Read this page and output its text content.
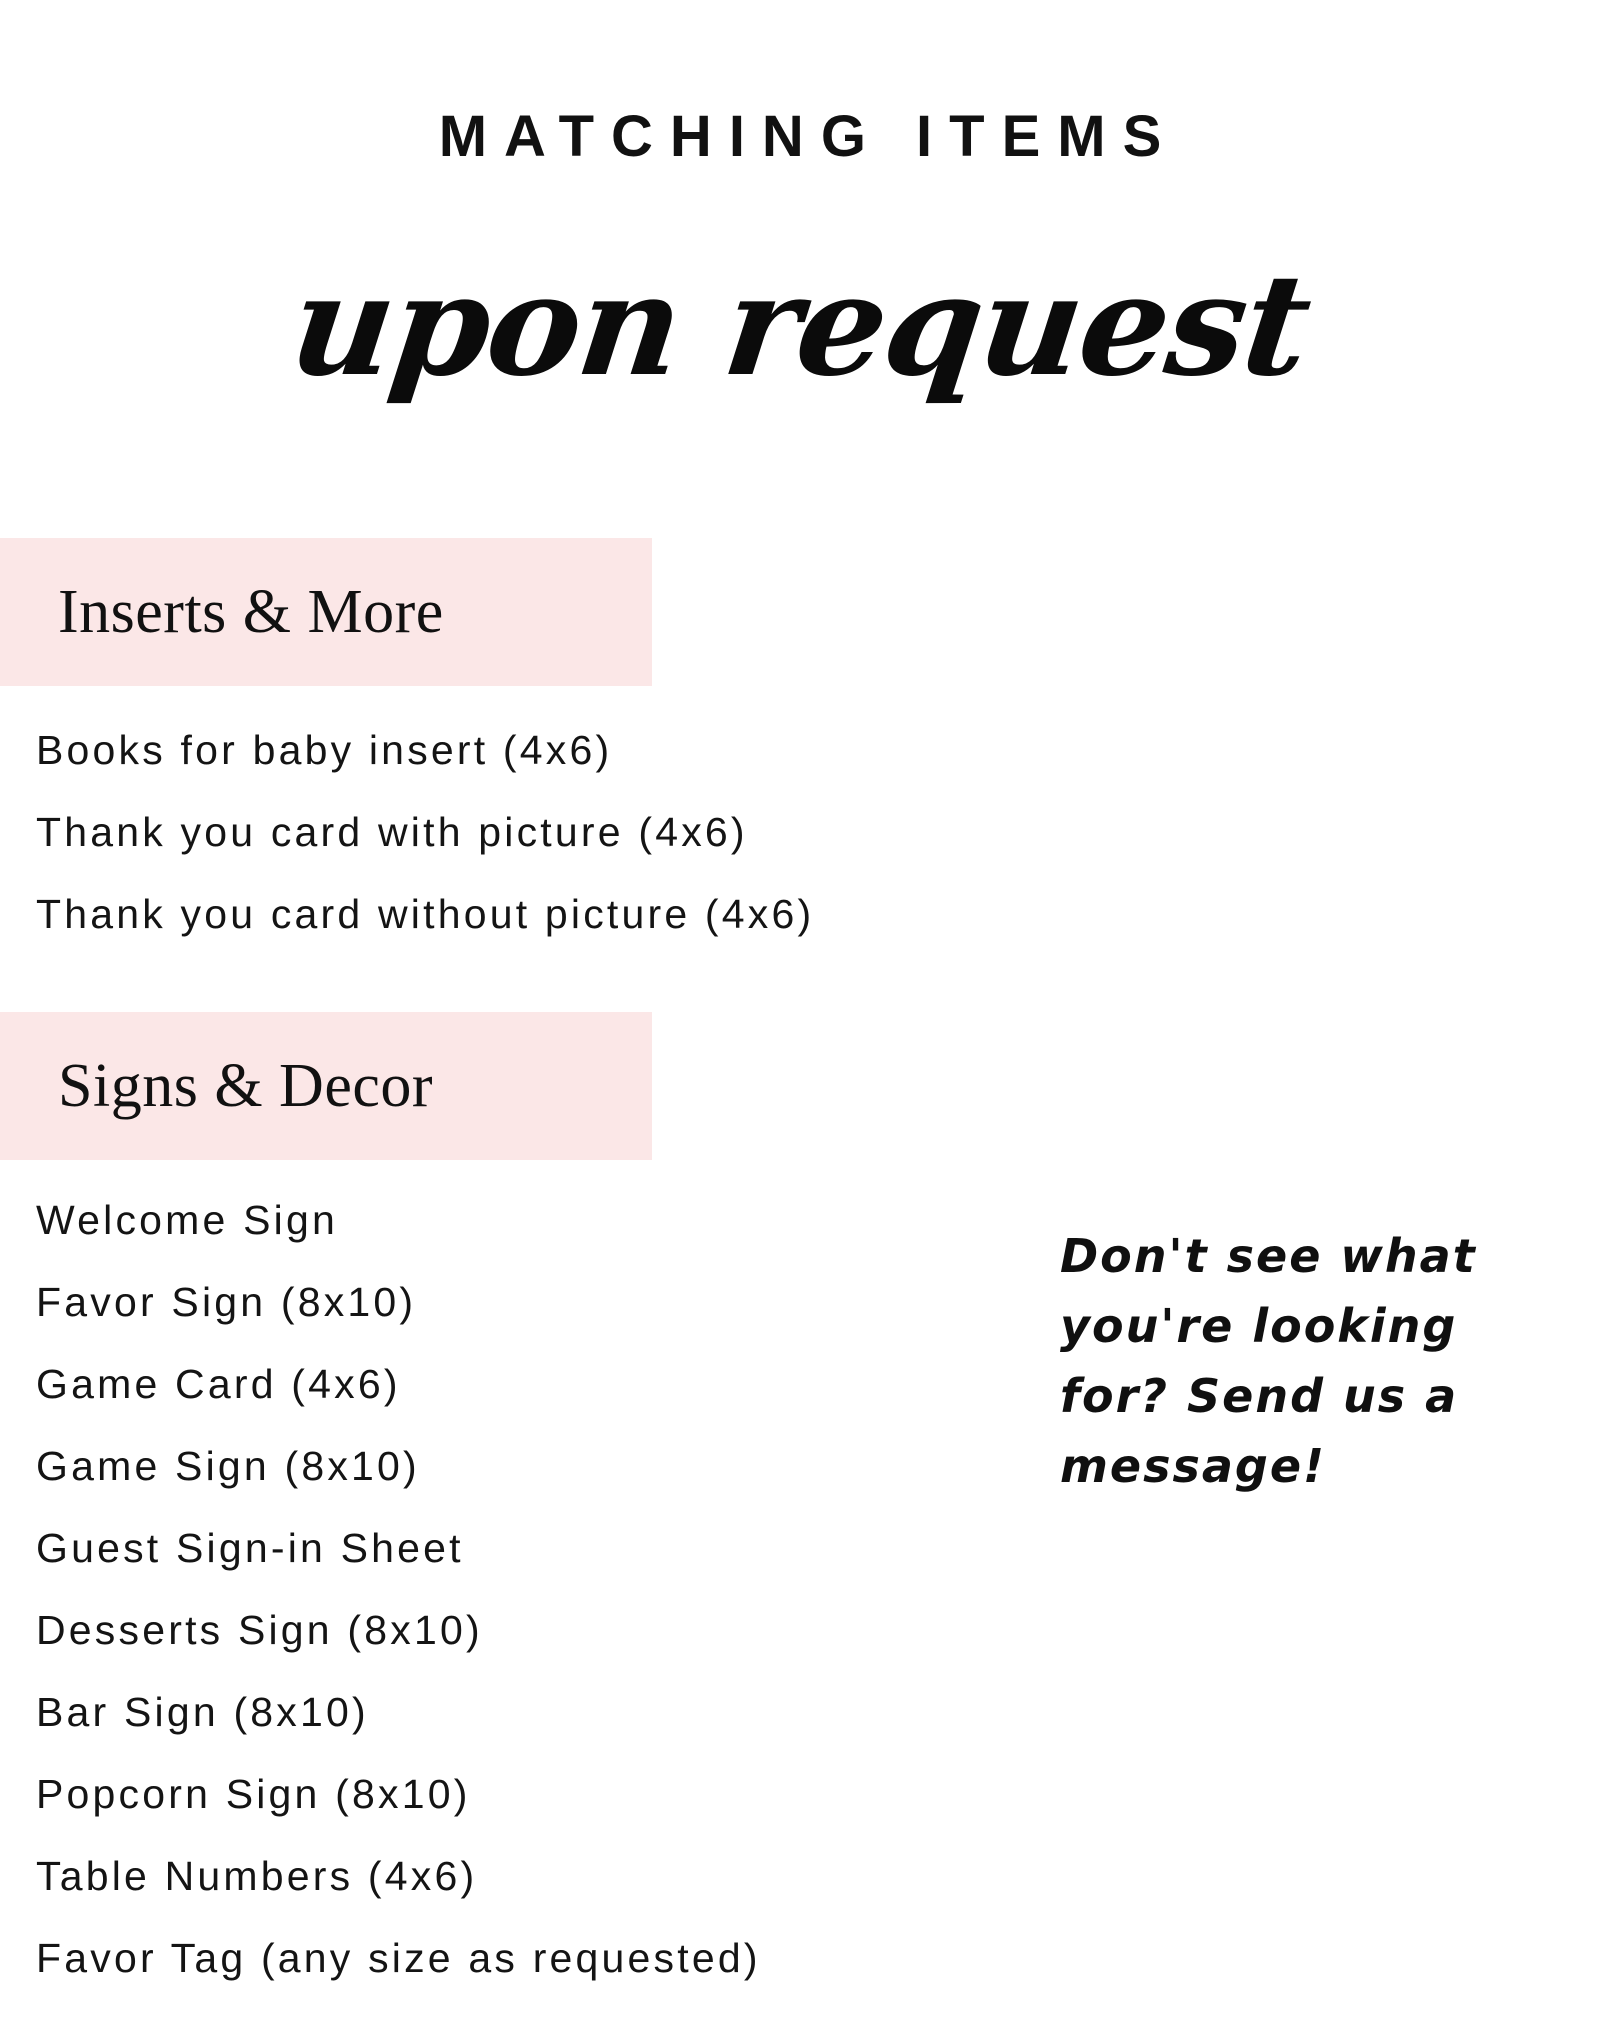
MATCHING ITEMS
upon request
Inserts & More
Books for baby insert (4x6)
Thank you card with picture (4x6)
Thank you card without picture (4x6)
Signs & Decor
Welcome Sign
Favor Sign (8x10)
Game Card (4x6)
Game Sign (8x10)
Guest Sign-in Sheet
Desserts Sign (8x10)
Bar Sign (8x10)
Popcorn Sign (8x10)
Table Numbers (4x6)
Favor Tag (any size as requested)
Don't see what you're looking for? Send us a message!
